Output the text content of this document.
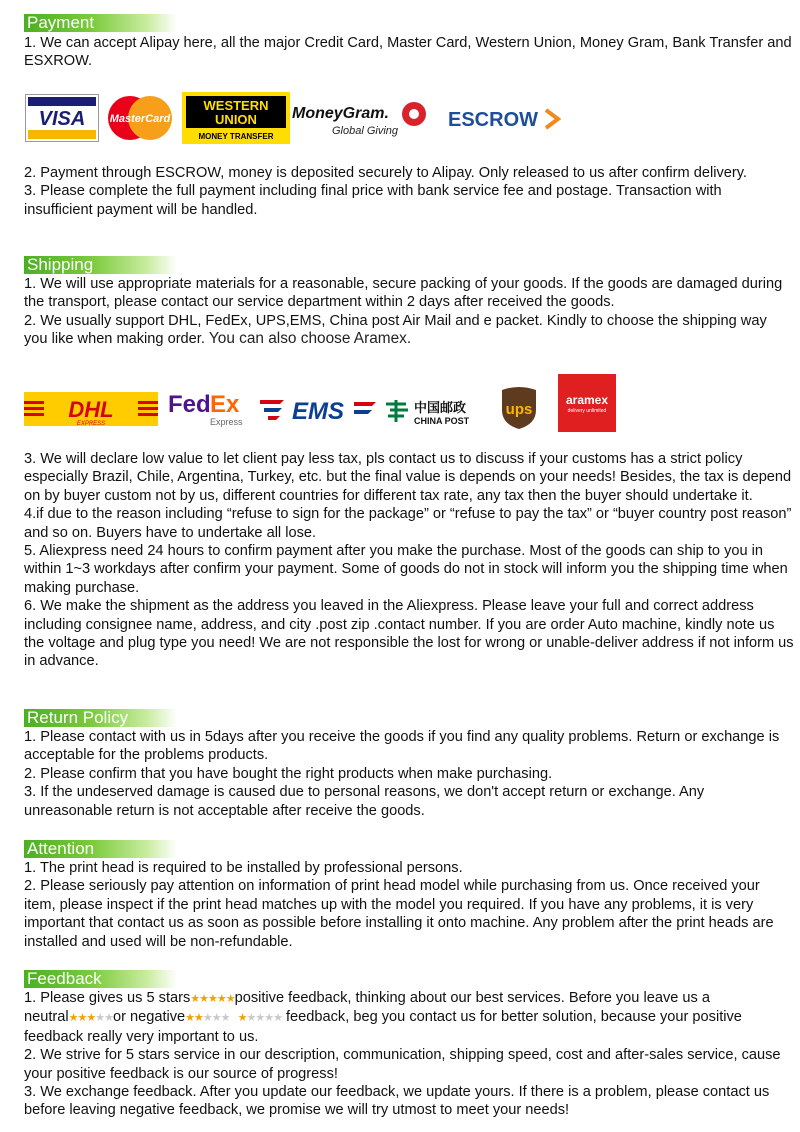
Payment

1. We can accept Alipay here, all the major Credit Card, Master Card, Western Union, Money Gram, Bank Transfer and ESXROW.

VISA MasterCard
WESTERN
UNION
MONEY TRANSFER
MoneyGram.
Global Giving ESCROW

2. Payment through ESCROW, money is deposited securely to Alipay. Only released to us after confirm delivery.

3. Please complete the full payment including final price with bank service fee and postage. Transaction with insufficient payment will be handled.

Shipping

1. We will use appropriate materials for a reasonable, secure packing of your goods. If the goods are damaged during the transport, please contact our service department within 2 days after received the goods.

2. We usually support DHL, FedEx, UPS,EMS, China post Air Mail and e packet. Kindly to choose the shipping way you like when making order. You can also choose Aramex.

DHL
EXPRESS
Fed Ex
Express EMS	中国邮政
CHINA POST
ups
aramex
delivery unlimited

3. We will declare low value to let client pay less tax, pls contact us to discuss if your customs has a strict policy especially Brazil, Chile, Argentina, Turkey, etc. but the final value is depends on your needs! Besides, the tax is depend on by buyer custom not by us, different countries for different tax rate, any tax then the buyer should undertake it.

4.if due to the reason including “refuse to sign for the package” or “refuse to pay the tax” or “buyer country post reason” and so on. Buyers have to undertake all lose.

5. Aliexpress need 24 hours to confirm payment after you make the purchase. Most of the goods can ship to you in within 1~3 workdays after confirm your payment. Some of goods do not in stock will inform you the shipping time when making purchase.

6. We make the shipment as the address you leaved in the Aliexpress. Please leave your full and correct address including consignee name, address, and city .post zip .contact number. If you are order Auto machine, kindly note us the voltage and plug type you need! We are not responsible the lost for wrong or unable-deliver address if not inform us in advance.

Return Policy

1. Please contact with us in 5days after you receive the goods if you find any quality problems. Return or exchange is acceptable for the problems products.

2. Please confirm that you have bought the right products when make purchasing.

3. If the undeserved damage is caused due to personal reasons, we don't accept return or exchange. Any unreasonable return is not acceptable after receive the goods.

Attention

1. The print head is required to be installed by professional persons.

2. Please seriously pay attention on information of print head model while purchasing from us. Once received your item, please inspect if the print head matches up with the model you required. If you have any problems, it is very important that contact us as soon as possible before installing it onto machine. Any problem after the print heads are installed and used will be non-refundable.

Feedback

1. Please gives us 5 stars★★★★★positive feedback, thinking about our best services. Before you leave us a neutral★★★★★or negative★★★★★ ★★★★★ feedback, beg you contact us for better solution, because your positive feedback really very important to us.

2. We strive for 5 stars service in our description, communication, shipping speed, cost and after-sales service, cause your positive feedback is our source of progress!

3. We exchange feedback. After you update our feedback, we update yours. If there is a problem, please contact us before leaving negative feedback, we promise we will try utmost to meet your needs!
